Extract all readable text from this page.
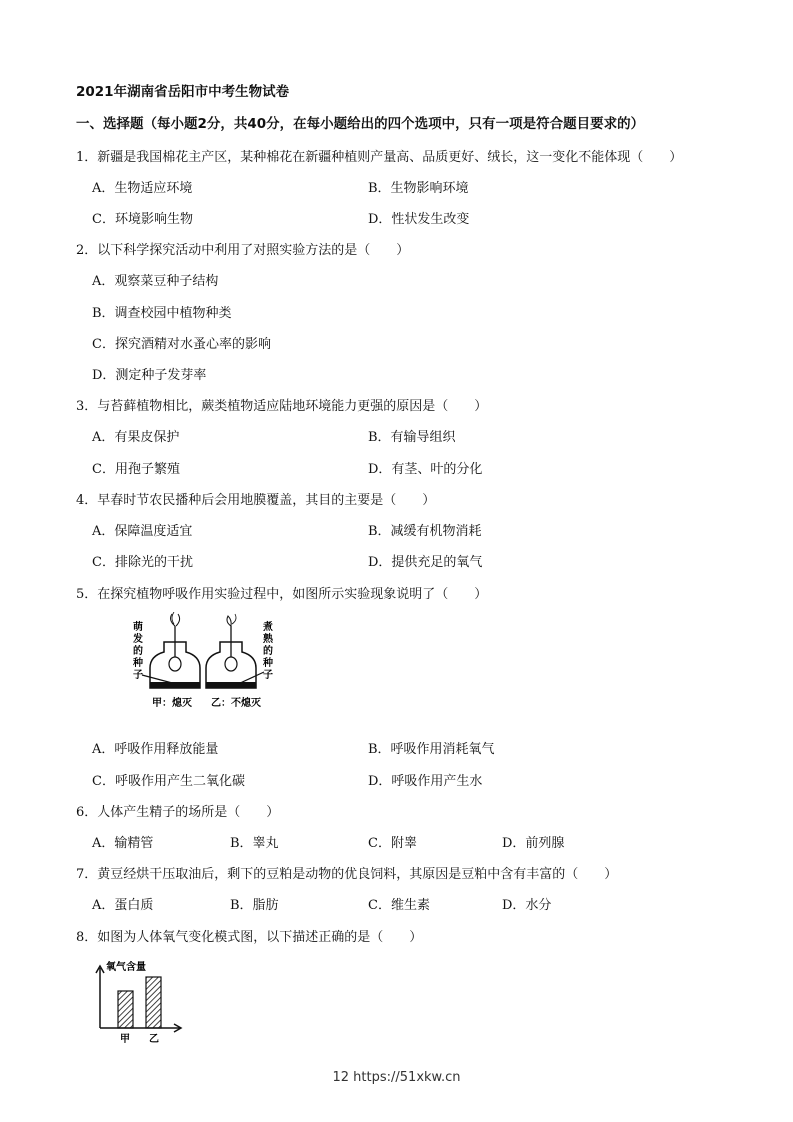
2021年湖南省岳阳市中考生物试卷
一、选择题（每小题2分，共40分，在每小题给出的四个选项中，只有一项是符合题目要求的）
1．新疆是我国棉花主产区，某种棉花在新疆种植则产量高、品质更好、绒长，这一变化不能体现（　　）
A．生物适应环境	B．生物影响环境
C．环境影响生物	D．性状发生改变
2．以下科学探究活动中利用了对照实验方法的是（　　）
A．观察菜豆种子结构
B．调查校园中植物种类
C．探究酒精对水蚤心率的影响
D．测定种子发芽率
3．与苔藓植物相比，蕨类植物适应陆地环境能力更强的原因是（　　）
A．有果皮保护	B．有输导组织
C．用孢子繁殖	D．有茎、叶的分化
4．早春时节农民播种后会用地膜覆盖，其目的主要是（　　）
A．保障温度适宜	B．减缓有机物消耗
C．排除光的干扰	D．提供充足的氧气
5．在探究植物呼吸作用实验过程中，如图所示实验现象说明了（　　）
萌
发
的
种
子
煮
熟
的
种
子
甲：熄灭 乙：不熄灭
A．呼吸作用释放能量	B．呼吸作用消耗氧气
C．呼吸作用产生二氧化碳	D．呼吸作用产生水
6．人体产生精子的场所是（　　）
A．输精管	B．睾丸	C．附睾	D．前列腺
7．黄豆经烘干压取油后，剩下的豆粕是动物的优良饲料，其原因是豆粕中含有丰富的（　　）
A．蛋白质	B．脂肪	C．维生素	D．水分
8．如图为人体氧气变化模式图，以下描述正确的是（　　）
氧气含量
甲 乙
12 https://51xkw.cn
